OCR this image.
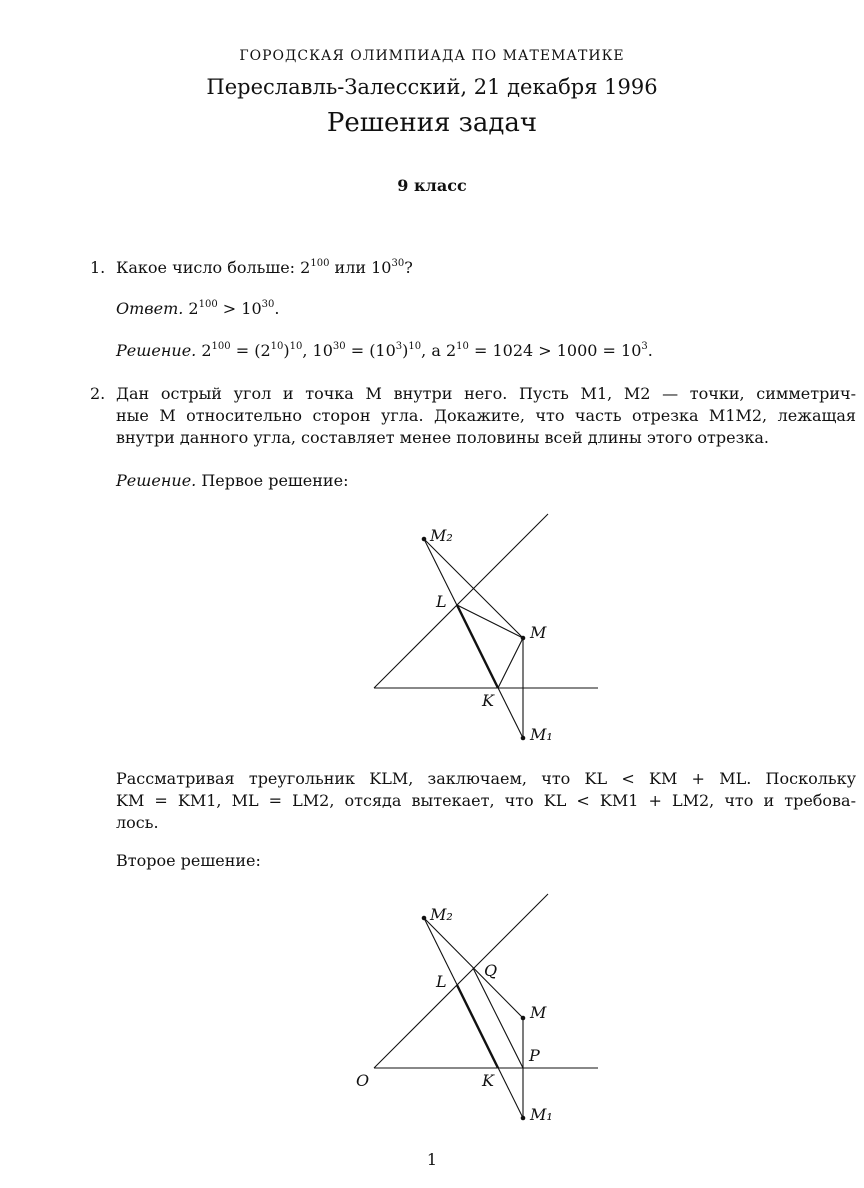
ГОРОДСКАЯ ОЛИМПИАДА ПО МАТЕМАТИКЕ
Переславль-Залесский, 21 декабря 1996
Решения задач
9 класс
1. Какое число больше: $2^{100}$ или $10^{30}$?
Ответ. $2^{100} > 10^{30}$.
Решение. $2^{100} = (2^{10})^{10}$, $10^{30} = (10^3)^{10}$, а $2^{10} = 1024 > 1000 = 10^3$.
2. Дан острый угол и точка M внутри него. Пусть M1, M2 — точки, симметрич-
ные M относительно сторон угла. Докажите, что часть отрезка M1M2, лежащая
внутри данного угла, составляет менее половины всей длины этого отрезка.
Решение. Первое решение:
M₂
L
M
K
M₁
M₂
L
Q
M
P
O	K
M₁
Рассматривая треугольник KLM, заключаем, что KL < KM + ML. Поскольку
KM = KM1, ML = LM2, отсяда вытекает, что KL < KM1 + LM2, что и требова-
лось.
Второе решение:
1
